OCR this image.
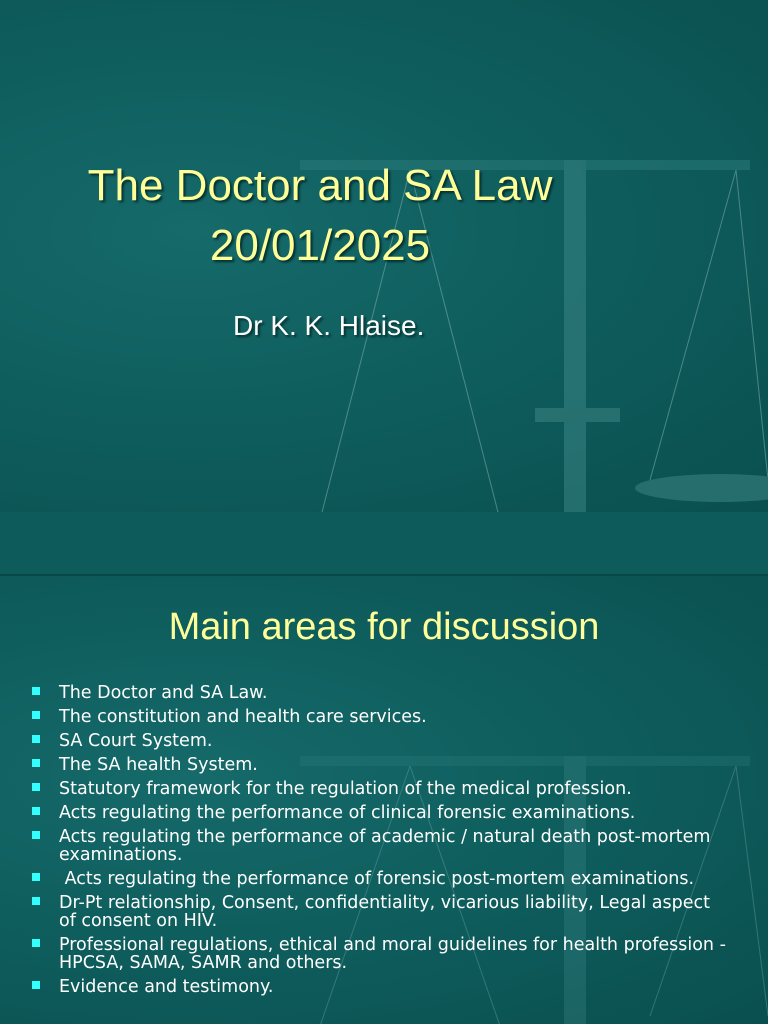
The Doctor and SA Law
20/01/2025
Dr K. K. Hlaise.
Main areas for discussion
The Doctor and SA Law.
The constitution and health care services.
SA Court System.
The SA health System.
Statutory framework for the regulation of the medical profession.
Acts regulating the performance of clinical forensic examinations.
Acts regulating the performance of academic / natural death post-mortem examinations.
Acts regulating the performance of forensic post-mortem examinations.
Dr-Pt relationship, Consent, confidentiality, vicarious liability, Legal aspect of consent on HIV.
Professional regulations, ethical and moral guidelines for health profession - HPCSA, SAMA, SAMR and others.
Evidence and testimony.
